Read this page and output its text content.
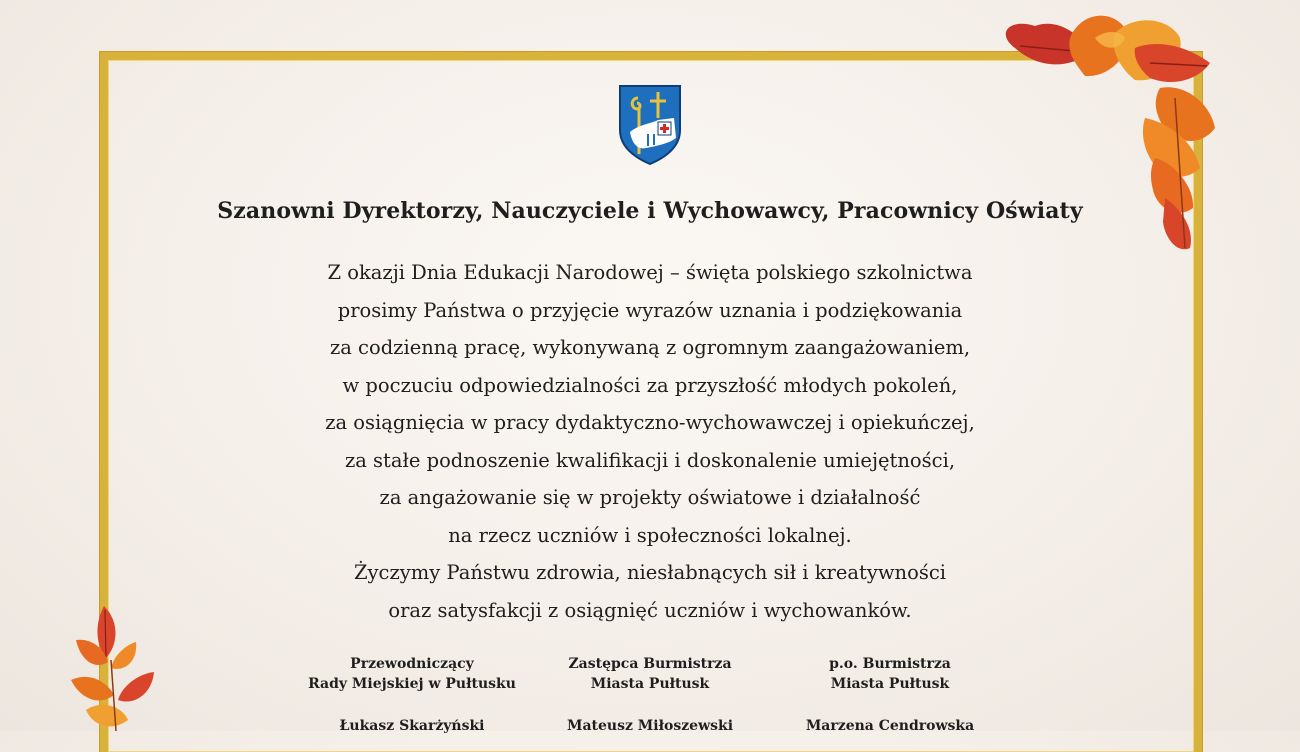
Szanowni Dyrektorzy, Nauczyciele i Wychowawcy, Pracownicy Oświaty
Z okazji Dnia Edukacji Narodowej – święta polskiego szkolnictwa
prosimy Państwa o przyjęcie wyrazów uznania i podziękowania
za codzienną pracę, wykonywaną z ogromnym zaangażowaniem,
w poczuciu odpowiedzialności za przyszłość młodych pokoleń,
za osiągnięcia w pracy dydaktyczno-wychowawczej i opiekuńczej,
za stałe podnoszenie kwalifikacji i doskonalenie umiejętności,
za angażowanie się w projekty oświatowe i działalność
na rzecz uczniów i społeczności lokalnej.
Życzymy Państwu zdrowia, niesłabnących sił i kreatywności
oraz satysfakcji z osiągnięć uczniów i wychowanków.
Przewodniczący
Rady Miejskiej w Pułtusku
Łukasz Skarżyński
Zastępca Burmistrza
Miasta Pułtusk
Mateusz Miłoszewski
p.o. Burmistrza
Miasta Pułtusk
Marzena Cendrowska
